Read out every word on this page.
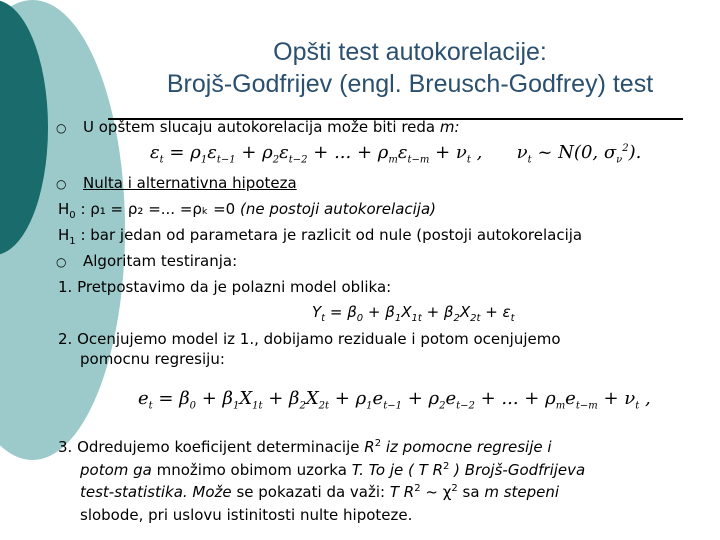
Opšti test autokorelacije:
Brojš-Godfrijev (engl. Breusch-Godfrey) test
○ U opštem slucaju autokorelacija može biti reda m:
$\varepsilon_t = \rho_1\varepsilon_{t-1} + \rho_2\varepsilon_{t-2}$ + ... + $\rho_m\varepsilon_{t-m} + \nu_t$ ,      $\nu_t$ ~ N(0, $\sigma_\nu^2$).
○ Nulta i alternativna hipoteza
$H_0$ : ρ₁ = ρ₂ =... =ρₖ =0 (ne postoji autokorelacija)
$H_1$ : bar jedan od parametara je razlicit od nule (postoji autokorelacija
○ Algoritam testiranja:
1. Pretpostavimo da je polazni model oblika:
$Y_t = \beta_0 + \beta_1X_{1t} + \beta_2X_{2t} + \varepsilon_t$
2. Ocenjujemo model iz 1., dobijamo reziduale i potom ocenjujemo
pomocnu regresiju:
$e_t = \beta_0 + \beta_1X_{1t} + \beta_2X_{2t} + \rho_1e_{t-1} + \rho_2e_{t-2}$ + ... + $\rho_me_{t-m} + \nu_t$ ,
3. Odredujemo koeficijent determinacije $R^2$ iz pomocne regresije i
potom ga množimo obimom uzorka T. To je ( T $R^2$ ) Brojš-Godfrijeva
test-statistika. Može se pokazati da važi: T $R^2$ ~ $\chi^2$ sa m stepeni
slobode, pri uslovu istinitosti nulte hipoteze.
